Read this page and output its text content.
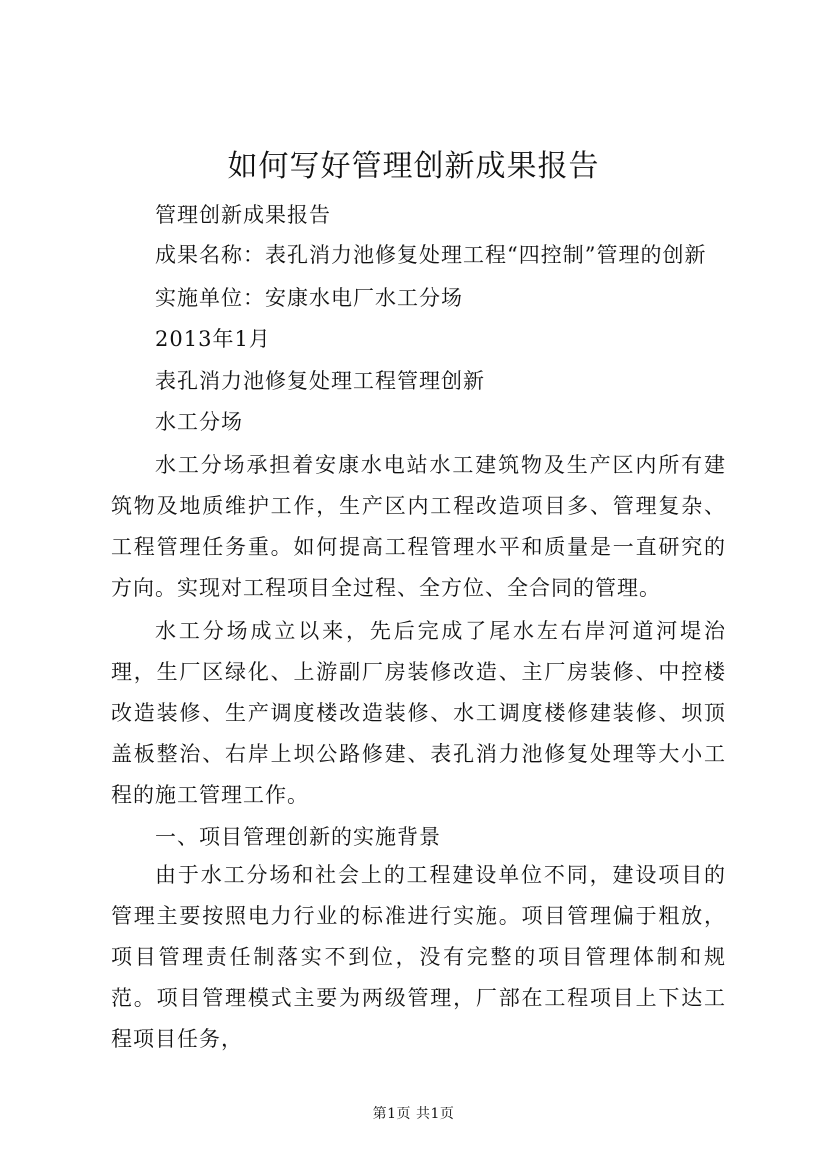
如何写好管理创新成果报告
管理创新成果报告
成果名称：表孔消力池修复处理工程“四控制”管理的创新
实施单位：安康水电厂水工分场
2013年1月
表孔消力池修复处理工程管理创新
水工分场
水工分场承担着安康水电站水工建筑物及生产区内所有建筑物及地质维护工作，生产区内工程改造项目多、管理复杂、工程管理任务重。如何提高工程管理水平和质量是一直研究的方向。实现对工程项目全过程、全方位、全合同的管理。
水工分场成立以来，先后完成了尾水左右岸河道河堤治理，生厂区绿化、上游副厂房装修改造、主厂房装修、中控楼改造装修、生产调度楼改造装修、水工调度楼修建装修、坝顶盖板整治、右岸上坝公路修建、表孔消力池修复处理等大小工程的施工管理工作。
一、项目管理创新的实施背景
由于水工分场和社会上的工程建设单位不同，建设项目的管理主要按照电力行业的标准进行实施。项目管理偏于粗放，项目管理责任制落实不到位，没有完整的项目管理体制和规范。项目管理模式主要为两级管理，厂部在工程项目上下达工程项目任务，
第1页 共1页
